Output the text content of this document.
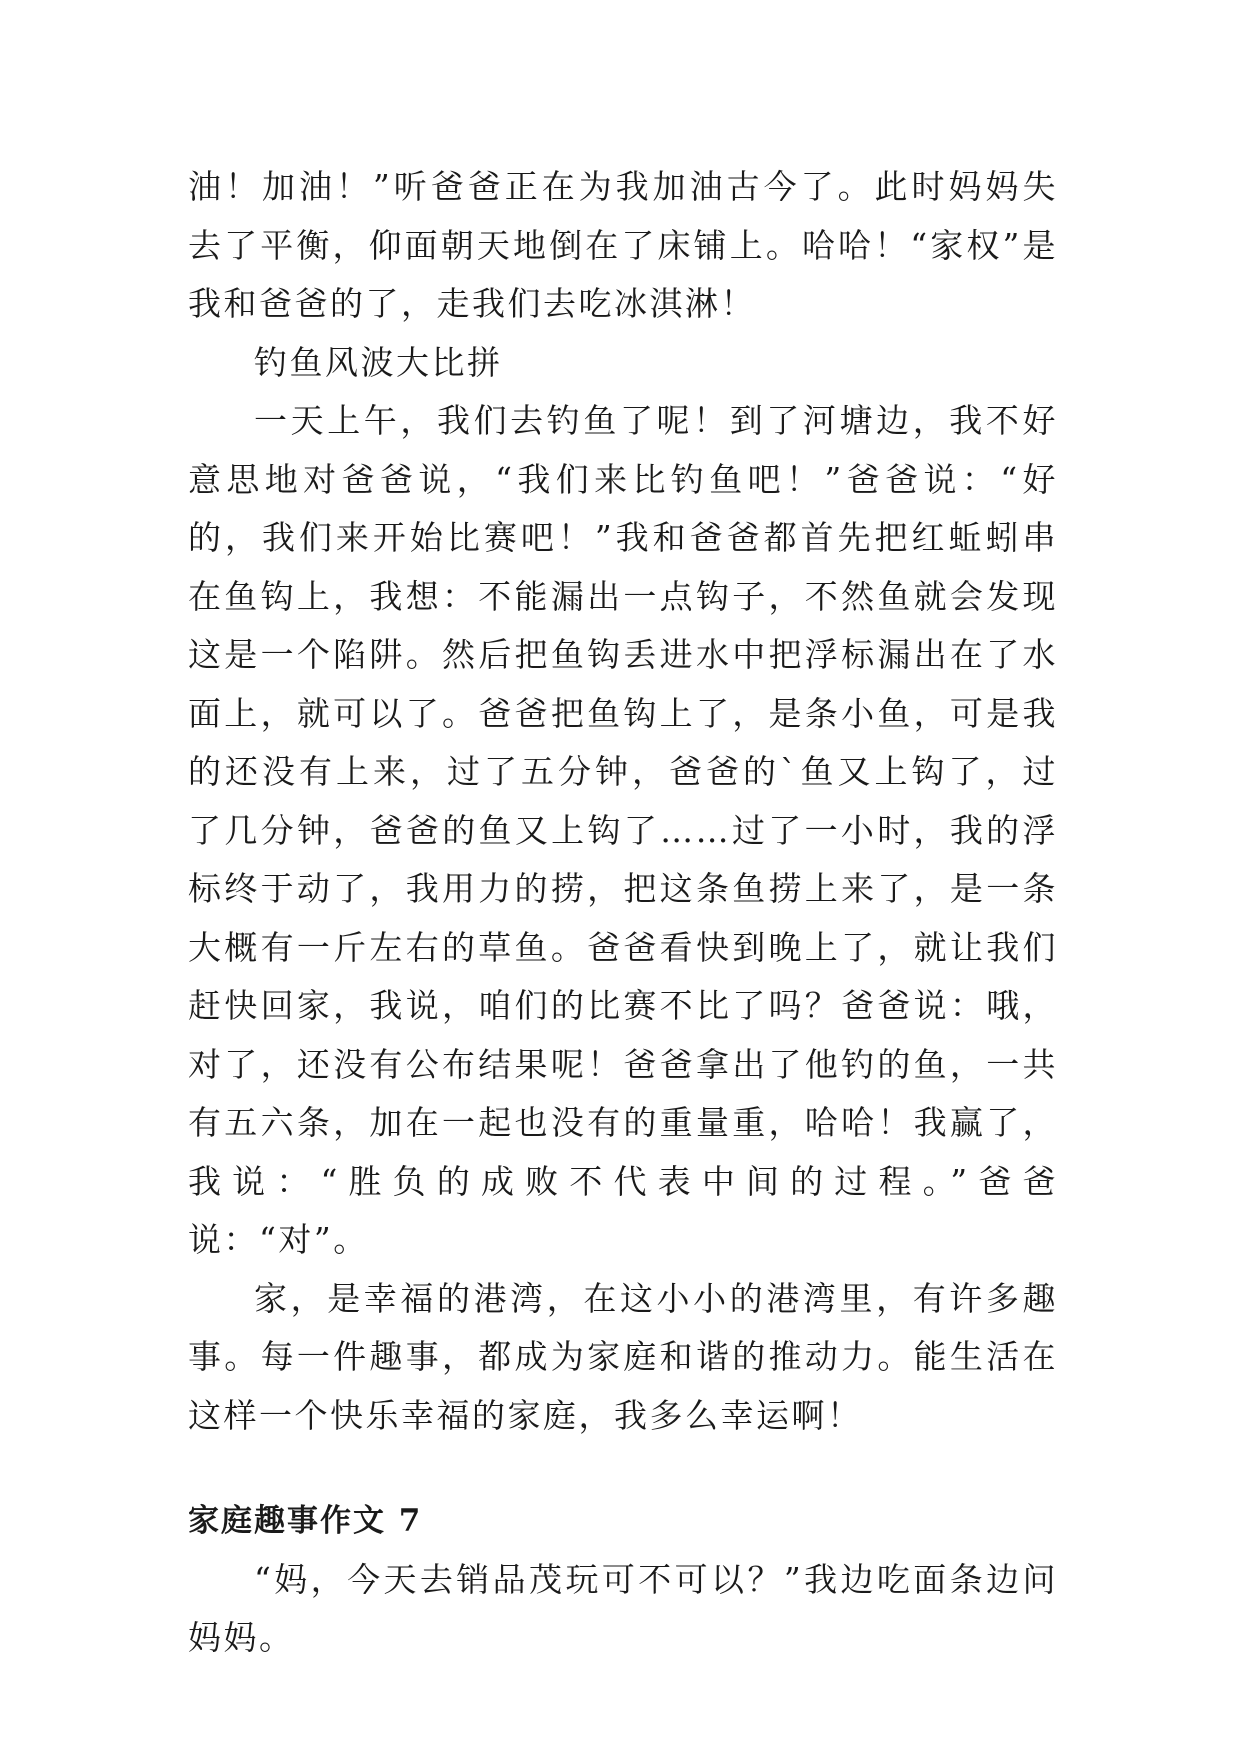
油！加油！”听爸爸正在为我加油古今了。此时妈妈失去了平衡，仰面朝天地倒在了床铺上。哈哈！“家权”是我和爸爸的了，走我们去吃冰淇淋！

钓鱼风波大比拼

一天上午，我们去钓鱼了呢！到了河塘边，我不好意思地对爸爸说，“我们来比钓鱼吧！”爸爸说：“好的，我们来开始比赛吧！”我和爸爸都首先把红蚯蚓串在鱼钩上，我想：不能漏出一点钩子，不然鱼就会发现这是一个陷阱。然后把鱼钩丢进水中把浮标漏出在了水面上，就可以了。爸爸把鱼钩上了，是条小鱼，可是我的还没有上来，过了五分钟，爸爸的`鱼又上钩了，过了几分钟，爸爸的鱼又上钩了……过了一小时，我的浮标终于动了，我用力的捞，把这条鱼捞上来了，是一条大概有一斤左右的草鱼。爸爸看快到晚上了，就让我们赶快回家，我说，咱们的比赛不比了吗？爸爸说：哦，对了，还没有公布结果呢！爸爸拿出了他钓的鱼，一共有五六条，加在一起也没有的重量重，哈哈！我赢了，我说：“胜负的成败不代表中间的过程。”爸爸说：“对”。

家，是幸福的港湾，在这小小的港湾里，有许多趣事。每一件趣事，都成为家庭和谐的推动力。能生活在这样一个快乐幸福的家庭，我多么幸运啊！

家庭趣事作文 7

“妈，今天去销品茂玩可不可以？”我边吃面条边问妈妈。
